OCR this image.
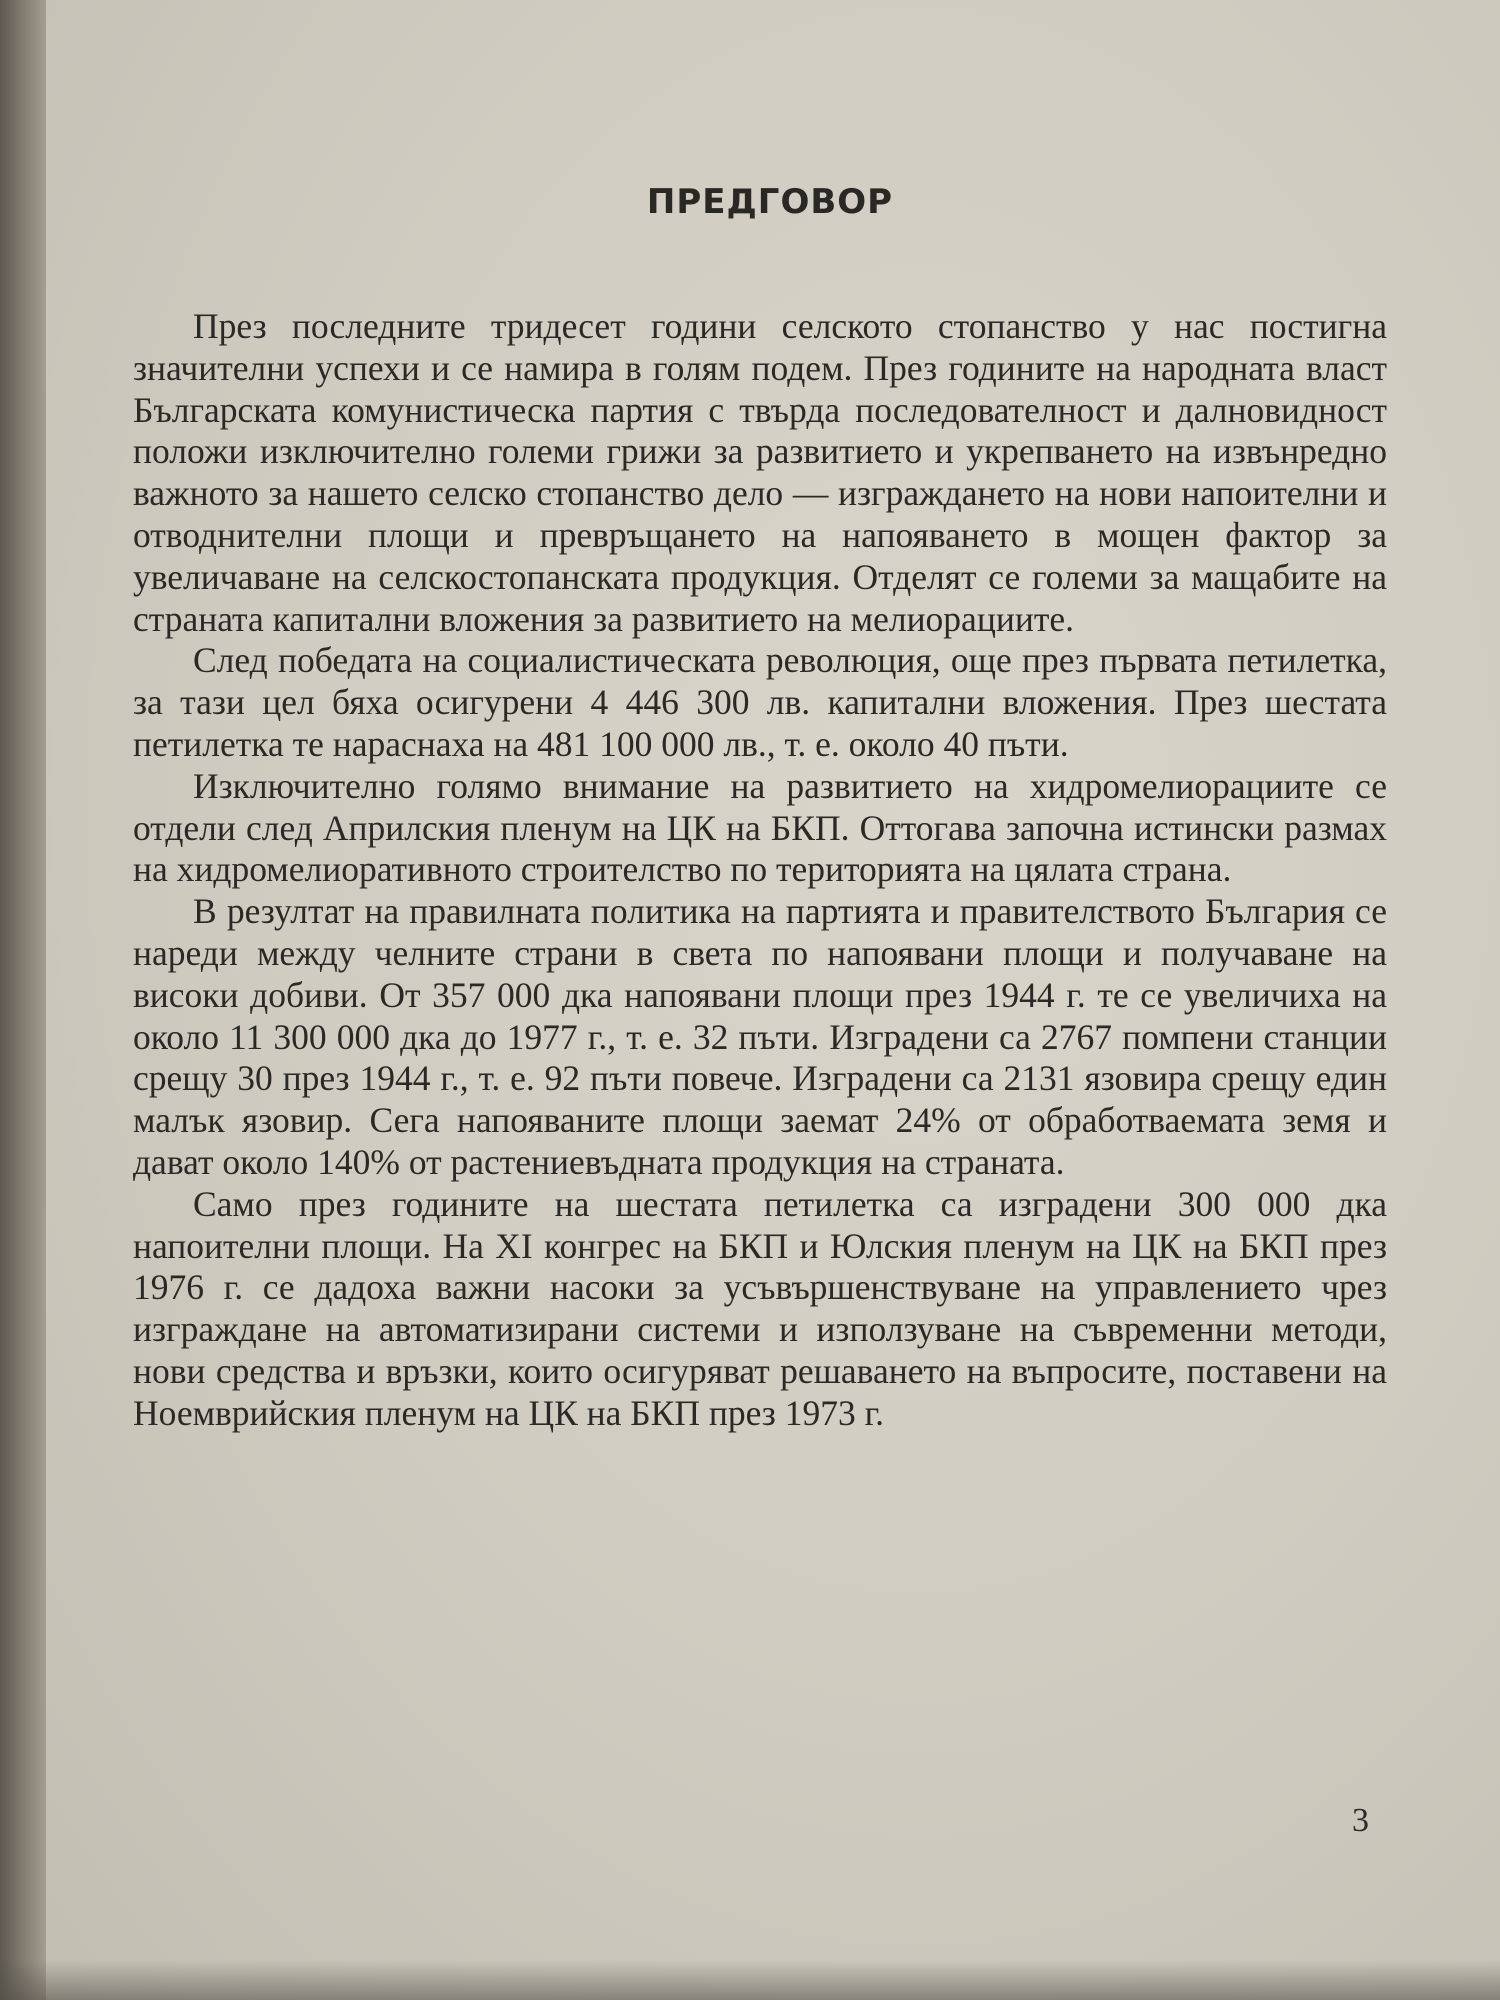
ПРЕДГОВОР

През последните тридесет години селското стопанство у нас постигна значителни успехи и се намира в голям подем. През годините на народната власт Българската комунистическа партия с твърда последователност и далновидност положи изключително големи грижи за развитието и укрепването на извънредно важното за нашето селско стопанство дело — изграждането на нови напоителни и отводнителни площи и превръщането на напояването в мощен фактор за увеличаване на селскостопанската продукция. Отделят се големи за мащабите на страната капитални вложения за развитието на мелиорациите.

След победата на социалистическата революция, още през първата петилетка, за тази цел бяха осигурени 4 446 300 лв. капитални вложения. През шестата петилетка те нараснаха на 481 100 000 лв., т. е. около 40 пъти.

Изключително голямо внимание на развитието на хидромелиорациите се отдели след Априлския пленум на ЦК на БКП. Оттогава започна истински размах на хидромелиоративното строителство по територията на цялата страна.

В резултат на правилната политика на партията и правителството България се нареди между челните страни в света по напоявани площи и получаване на високи добиви. От 357 000 дка напоявани площи през 1944 г. те се увеличиха на около 11 300 000 дка до 1977 г., т. е. 32 пъти. Изградени са 2767 помпени станции срещу 30 през 1944 г., т. е. 92 пъти повече. Изградени са 2131 язовира срещу един малък язовир. Сега напояваните площи заемат 24% от обработваемата земя и дават около 140% от растениевъдната продукция на страната.

Само през годините на шестата петилетка са изградени 300 000 дка напоителни площи. На XI конгрес на БКП и Юлския пленум на ЦК на БКП през 1976 г. се дадоха важни насоки за усъвършенствуване на управлението чрез изграждане на автоматизирани системи и използуване на съвременни методи, нови средства и връзки, които осигуряват решаването на въпросите, поставени на Ноемврийския пленум на ЦК на БКП през 1973 г.

3
